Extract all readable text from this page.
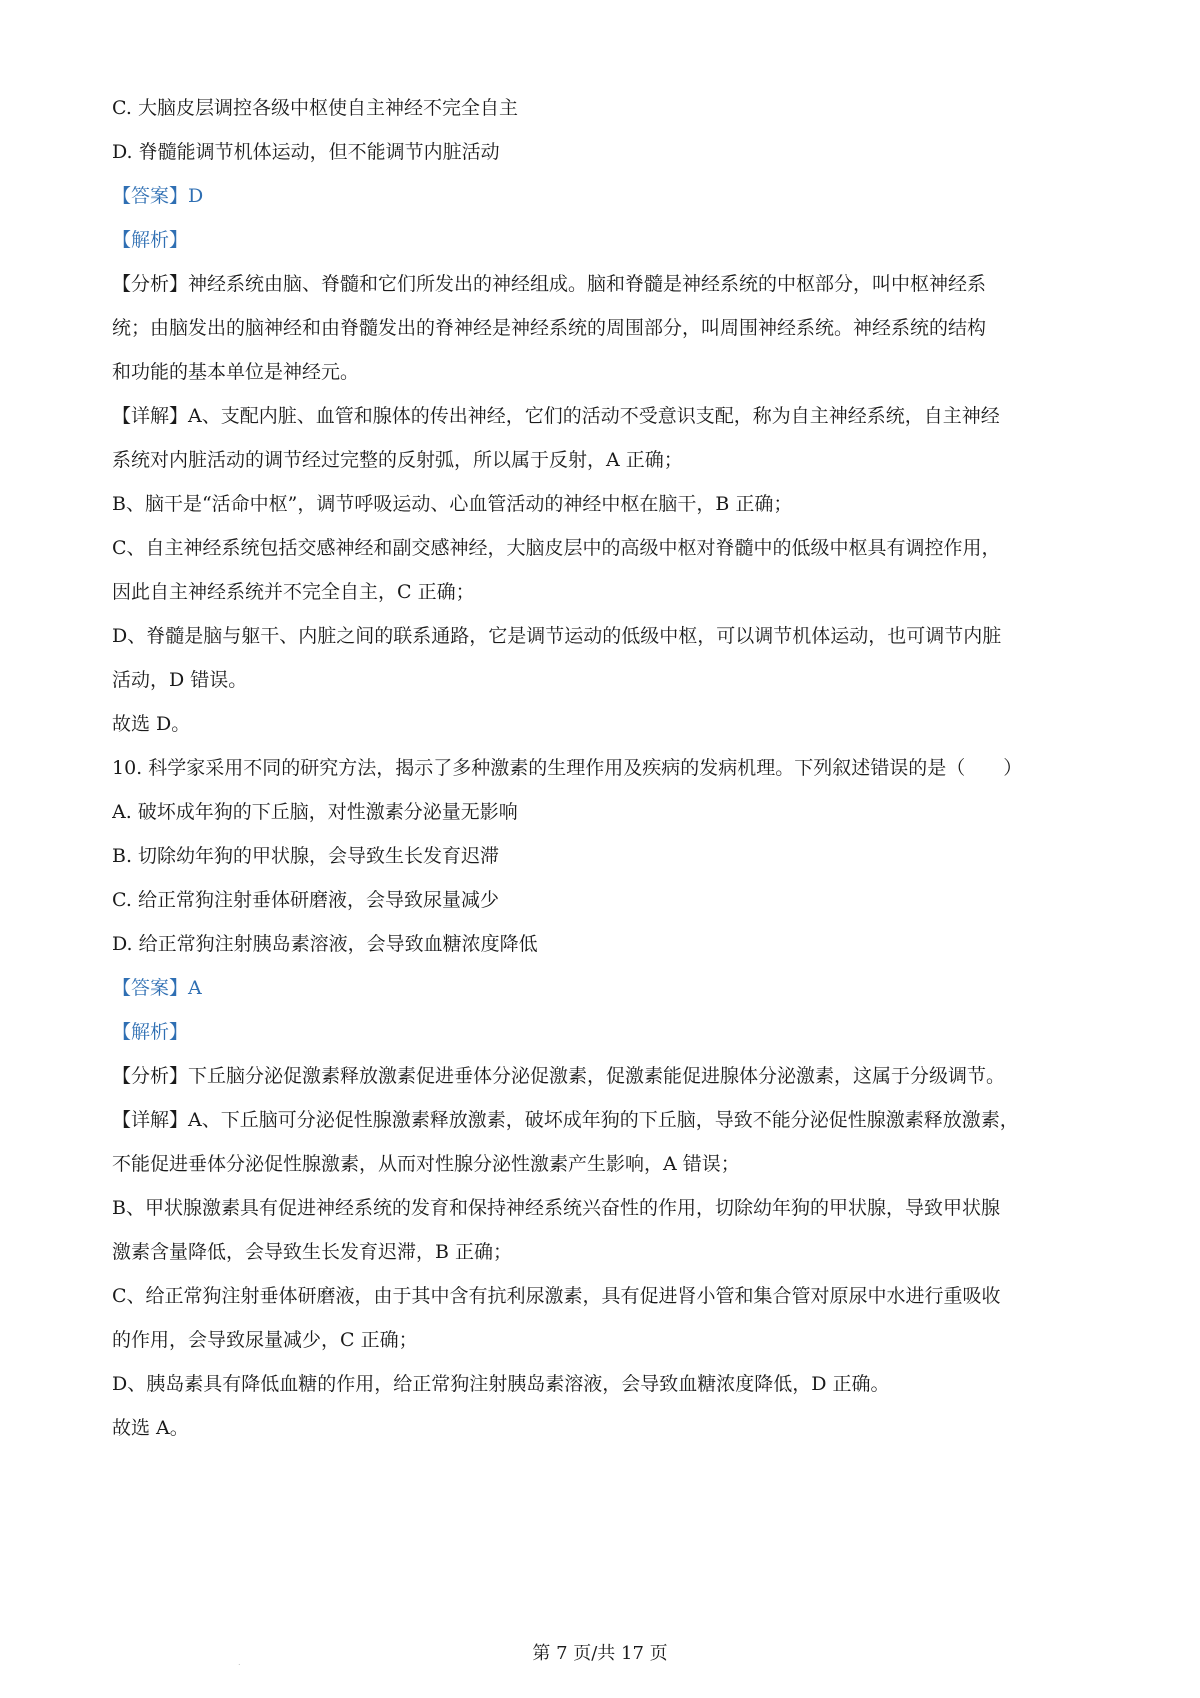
C. 大脑皮层调控各级中枢使自主神经不完全自主
D. 脊髓能调节机体运动，但不能调节内脏活动
【答案】D
【解析】
【分析】神经系统由脑、脊髓和它们所发出的神经组成。脑和脊髓是神经系统的中枢部分，叫中枢神经系
统；由脑发出的脑神经和由脊髓发出的脊神经是神经系统的周围部分，叫周围神经系统。神经系统的结构
和功能的基本单位是神经元。
【详解】A、支配内脏、血管和腺体的传出神经，它们的活动不受意识支配，称为自主神经系统，自主神经
系统对内脏活动的调节经过完整的反射弧，所以属于反射，A 正确；
B、脑干是“活命中枢”，调节呼吸运动、心血管活动的神经中枢在脑干，B 正确；
C、自主神经系统包括交感神经和副交感神经，大脑皮层中的高级中枢对脊髓中的低级中枢具有调控作用，
因此自主神经系统并不完全自主，C 正确；
D、脊髓是脑与躯干、内脏之间的联系通路，它是调节运动的低级中枢，可以调节机体运动，也可调节内脏
活动，D 错误。
故选 D。
10. 科学家采用不同的研究方法，揭示了多种激素的生理作用及疾病的发病机理。下列叙述错误的是（　　）
A. 破坏成年狗的下丘脑，对性激素分泌量无影响
B. 切除幼年狗的甲状腺，会导致生长发育迟滞
C. 给正常狗注射垂体研磨液，会导致尿量减少
D. 给正常狗注射胰岛素溶液，会导致血糖浓度降低
【答案】A
【解析】
【分析】下丘脑分泌促激素释放激素促进垂体分泌促激素，促激素能促进腺体分泌激素，这属于分级调节。
【详解】A、下丘脑可分泌促性腺激素释放激素，破坏成年狗的下丘脑，导致不能分泌促性腺激素释放激素，
不能促进垂体分泌促性腺激素，从而对性腺分泌性激素产生影响，A 错误；
B、甲状腺激素具有促进神经系统的发育和保持神经系统兴奋性的作用，切除幼年狗的甲状腺，导致甲状腺
激素含量降低，会导致生长发育迟滞，B 正确；
C、给正常狗注射垂体研磨液，由于其中含有抗利尿激素，具有促进肾小管和集合管对原尿中水进行重吸收
的作用，会导致尿量减少，C 正确；
D、胰岛素具有降低血糖的作用，给正常狗注射胰岛素溶液，会导致血糖浓度降低，D 正确。
故选 A。
.	第 7 页/共 17 页
